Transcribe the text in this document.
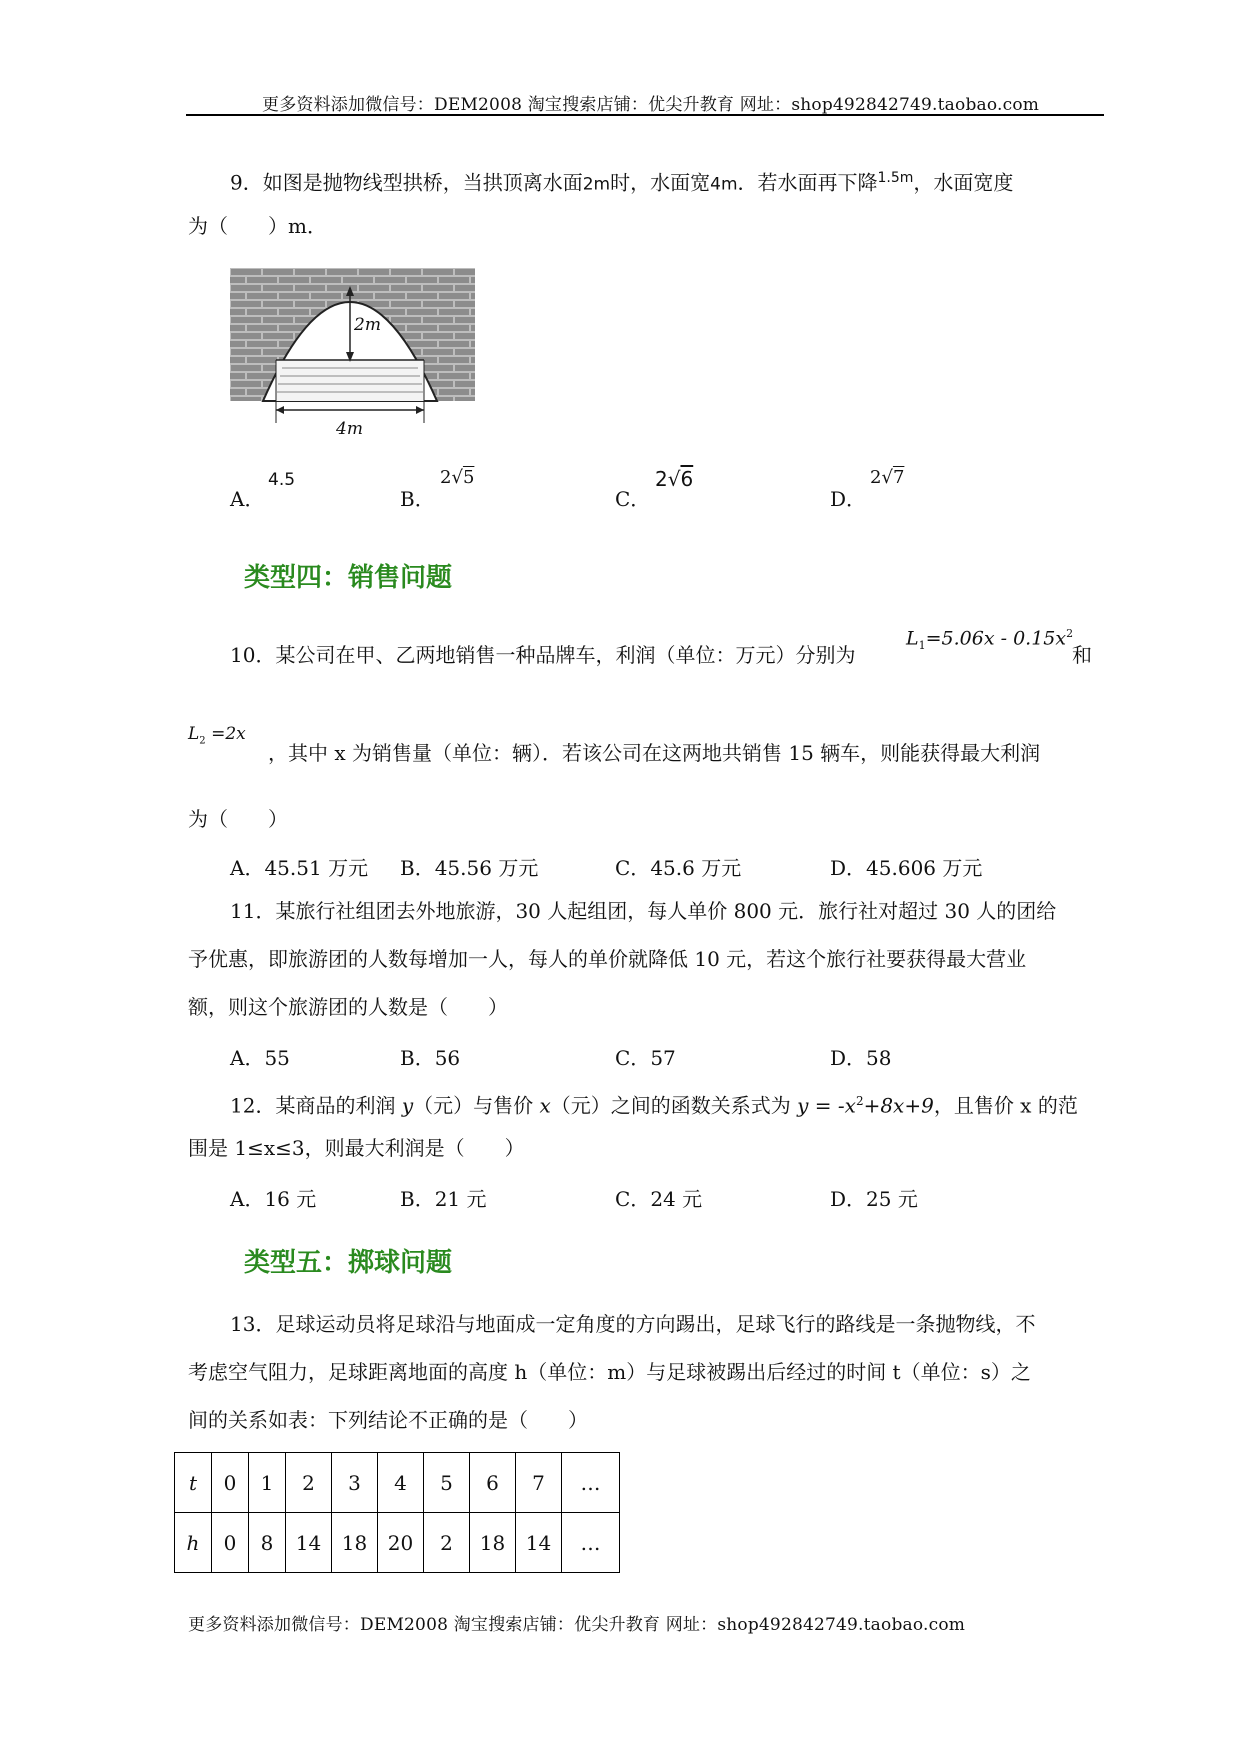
更多资料添加微信号：DEM2008 淘宝搜索店铺：优尖升教育 网址：shop492842749.taobao.com
9．如图是抛物线型拱桥，当拱顶离水面2m时，水面宽4m．若水面再下降$^{1.5m}$，水面宽度
为（　　）m．
2m
4m
A．
4.5
B．
2√5
C．
2√6
D．
2√7
类型四：销售问题
10．某公司在甲、乙两地销售一种品牌车，利润（单位：万元）分别为
$L_1=5.06x - 0.15x^2$
和
$L_2 =2x$
，其中 x 为销售量（单位：辆）．若该公司在这两地共销售 15 辆车，则能获得最大利润
为（　　）
A．45.51 万元 B．45.56 万元	C．45.6 万元	D．45.606 万元
11．某旅行社组团去外地旅游，30 人起组团，每人单价 800 元．旅行社对超过 30 人的团给
予优惠，即旅游团的人数每增加一人，每人的单价就降低 10 元，若这个旅行社要获得最大营业
额，则这个旅游团的人数是（　　）
A．55	B．56	C．57	D．58
12．某商品的利润 y（元）与售价 x（元）之间的函数关系式为 $y = -x^2+8x+9$，且售价 x 的范
围是 1≤x≤3，则最大利润是（　　）
A．16 元	B．21 元	C．24 元	D．25 元
类型五：掷球问题
13．足球运动员将足球沿与地面成一定角度的方向踢出，足球飞行的路线是一条抛物线，不
考虑空气阻力，足球距离地面的高度 h（单位：m）与足球被踢出后经过的时间 t（单位：s）之
间的关系如表：下列结论不正确的是（　　）
t	0	1	2	3	4	5	6	7	…
h	0	8	14	18	20	2	18	14	…
更多资料添加微信号：DEM2008 淘宝搜索店铺：优尖升教育 网址：shop492842749.taobao.com
